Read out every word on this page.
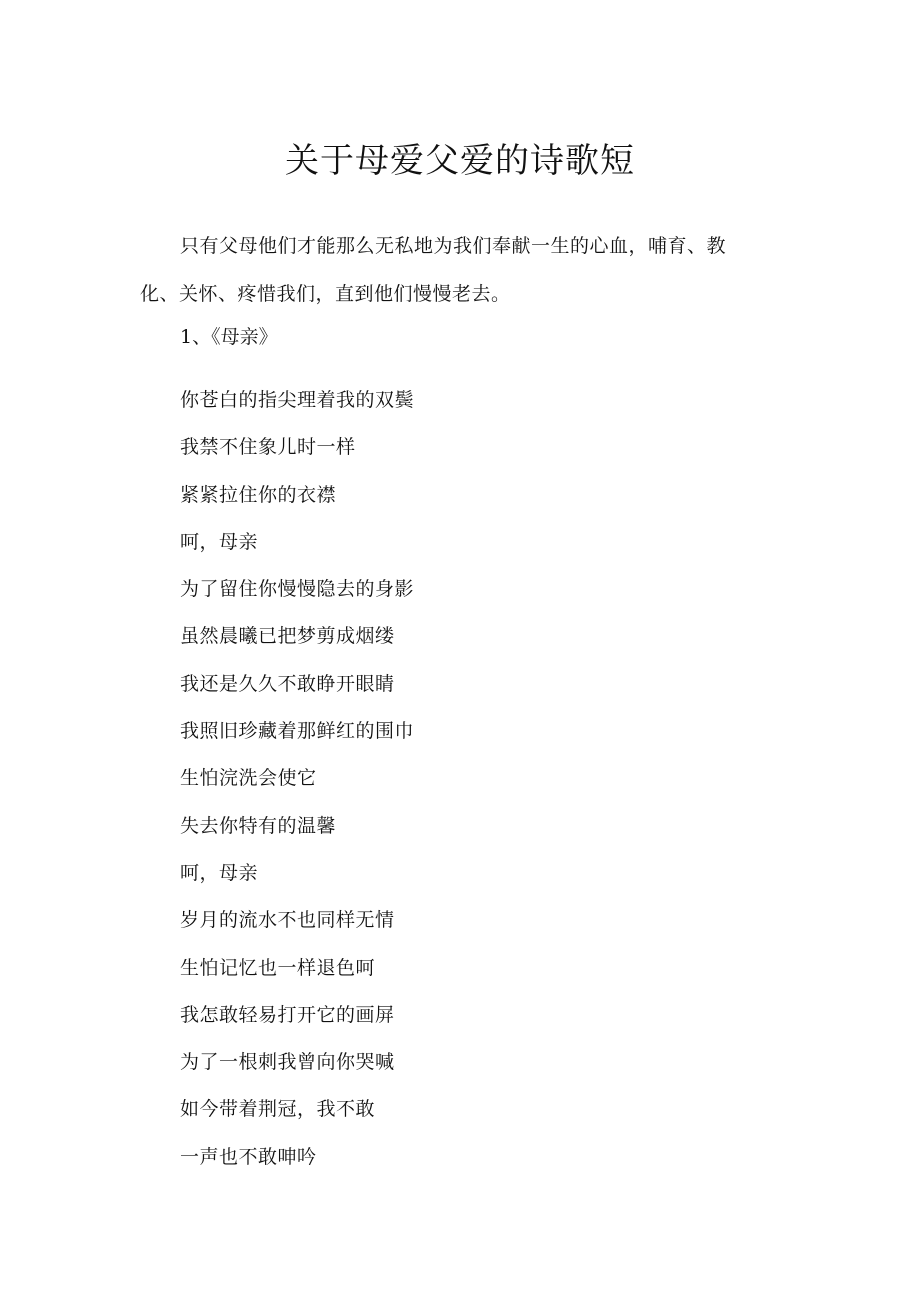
关于母爱父爱的诗歌短

只有父母他们才能那么无私地为我们奉献一生的心血，哺育、教化、关怀、疼惜我们，直到他们慢慢老去。

1、《母亲》

你苍白的指尖理着我的双鬓
我禁不住象儿时一样
紧紧拉住你的衣襟
呵，母亲
为了留住你慢慢隐去的身影
虽然晨曦已把梦剪成烟缕
我还是久久不敢睁开眼睛
我照旧珍藏着那鲜红的围巾
生怕浣洗会使它
失去你特有的温馨
呵，母亲
岁月的流水不也同样无情
生怕记忆也一样退色呵
我怎敢轻易打开它的画屏
为了一根刺我曾向你哭喊
如今带着荆冠，我不敢
一声也不敢呻吟
